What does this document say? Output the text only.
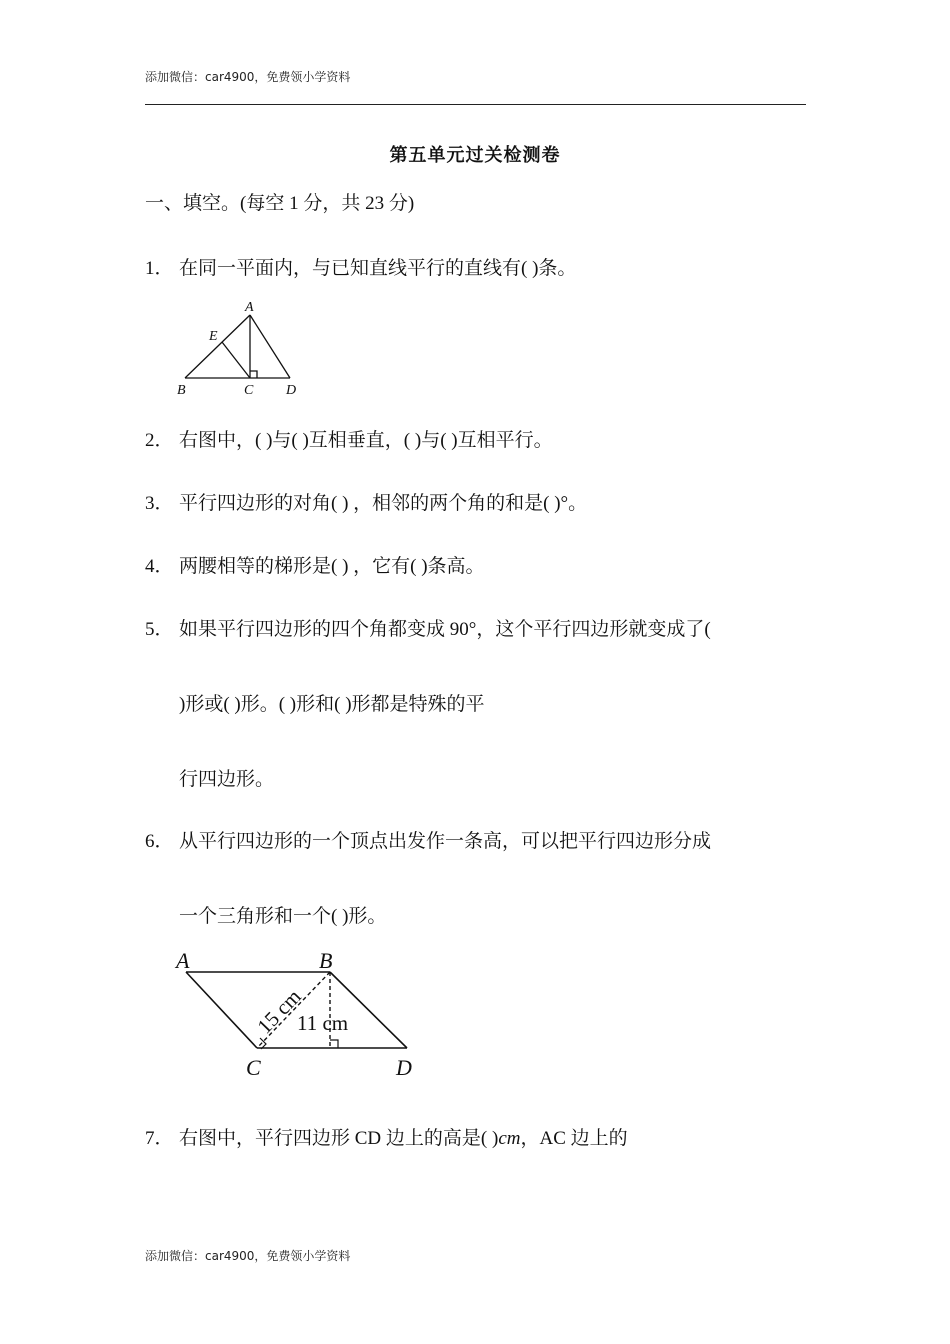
添加微信：car4900，免费领小学资料
第五单元过关检测卷
一、填空。(每空 1 分，共 23 分)
1． 在同一平面内，与已知直线平行的直线有( )条。
A
E
B	C D
2． 右图中，( )与( )互相垂直，( )与( )互相平行。
3． 平行四边形的对角( ) ，相邻的两个角的和是( )°。
4． 两腰相等的梯形是( ) ，它有( )条高。
5． 如果平行四边形的四个角都变成 90°，这个平行四边形就变成了(
)形或( )形。( )形和( )形都是特殊的平
行四边形。
6． 从平行四边形的一个顶点出发作一条高，可以把平行四边形分成
一个三角形和一个( )形。
A	B
C	D
15 cm
11 cm
7． 右图中，平行四边形 CD 边上的高是( )cm，AC 边上的
添加微信：car4900，免费领小学资料
